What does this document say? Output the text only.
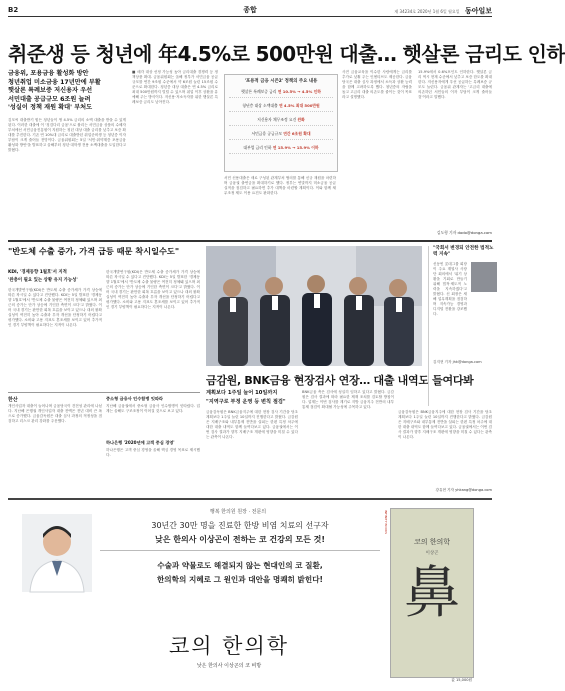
B2	종합	제 34234호 2020년 1월 6일 월요일 동아일보
취준생 등 청년에 年4.5%로 500만원 대출… 햇살론 금리도 인하
금융위, 포용금융 활성화 방안
청년취업 미소금융 17년만에 부활
햇살론 특례보증 저신용자 우선
서민대출 공급규모 6조원 늘려
'성실이 정책 재원 확대' 부처도
김모씨 대출받기 힘든 청년들이 생 4.5% 금리의 소액 대출을 받을 수 있게 된다. 이러한 대출에 이 '징검다리 금융'으로 불리는 서민금융 상품의 수혜자 부처에선 서민금융진흥원이 지원하는 청년 대상 대출 금리를 낮추고 보증 확대를 추진한다. 기존 연 10%대 금리로 대출받던 취업준비생 등 청년층 이자 부담이 크게 줄어들 전망이다. 금융위원회는 5일 '서민·취약계층 포용금융 활성화 방안'을 발표하고 올해부터 청년·대학생 전용 소액대출을 도입한다고 밝혔다.
■ 매각 대상 선정 가능성 높아 금리대출 경쟁력 등 정책상품 확대. 금융위원회는 올해 정부가 서민금융 공급 규모를 연간 9조원 수준에서 약 6조원 늘린 15조원 수준으로 확대한다. 청년층 대상 대출은 연 4.5% 금리로 최대 500만원까지 빌릴 수 있으며 취업 이후 상환을 유예해 주는 방식이다. 저신용·저소득자를 위한 햇살론 특례보증 금리도 낮아진다.
'포용적 금융 시즌2' 정책의 주요 내용
햇살론 특례보증 금리 연 10.5% → 4.5% 인하
청년층 대상 소액대출 연 4.5% 최대 500만원
저신용자 채무조정 요건 완화
서민금융 공급규모 연간 6조원 확대
대부업 금리 인하 연 15.9% → 15.9% 이하
서민 신용대출은 새로 구성된 관계부처 협의를 통해 신규 재원을 마련하며 금융권 출연금을 확대하기로 했다. 정부는 연말까지 미소금융 공급 실적을 점검하고 필요하면 추가 대책을 마련할 계획이다. 이와 함께 채무조정 제도 이용 요건도 완화한다.
사전 금융교육을 이수한 사람에게는 금리를 추가로 낮춰 주는 인센티브도 제공한다. 금융당국은 대출 심사 과정에서 소득과 상환 능력을 함께 고려하도록 했다. 청년층의 자립을 돕고 고금리 대출 의존도를 줄이는 것이 목표라고 설명했다.
15.9%에서 0.6%포인트 인하한다. 햇살론 금리 역시 현재 수준에서 낮추고 보증 한도를 확대한다. 저신용자에게 우선 공급하는 특례보증 규모도 늘린다. 금융위 관계자는 '고금리 대출에 의존하던 서민들의 이자 부담이 크게 줄어들 것'이라고 말했다.
김도형 기자 dodo@donga.com
"반도체 수출 증가, 가격 급등 때문 착시일수도"
KDI, '경제동향 1월호'서 지적
'완충이 필요 있는 상황 유지 가능성'
한국개발연구원(KDI)은 반도체 수출 증가세가 가격 상승에 따른 착시일 수 있다고 진단했다. KDI는 5일 발표한 '경제동향 1월호'에서 '반도체 수출 물량은 여전히 정체돼 있으며 최근의 증가는 단가 상승에 기인한 측면이 크다'고 밝혔다. 이어 국내 경기는 완만한 회복 흐름을 보이고 있으나 대외 불확실성이 여전히 높아 수출과 투자 개선을 단정하기 어렵다고 평가했다. 소비와 고용 지표도 혼조세를 보이고 있어 추가적인 경기 부양책이 필요하다는 지적이 나온다.
한국개발연구원(KDI)은 반도체 수출 증가세가 가격 상승에 따른 착시일 수 있다고 진단했다. KDI는 5일 발표한 '경제동향 1월호'에서 '반도체 수출 물량은 여전히 정체돼 있으며 최근의 증가는 단가 상승에 기인한 측면이 크다'고 밝혔다. 이어 국내 경기는 완만한 회복 흐름을 보이고 있으나 대외 불확실성이 여전히 높아 수출과 투자 개선을 단정하기 어렵다고 평가했다. 소비와 고용 지표도 혼조세를 보이고 있어 추가적인 경기 부양책이 필요하다는 지적이 나온다.
금감원, BNK금융 현장검사 연장… 대출 내역도 들여다봐
"국회서 변경되 안전한 법적노력 지속"
신동빈 롯데그룹 회장이 주요 계열사 사장단 회의에서 '위기 상황을 기회로 만들기 위해 법적·제도적 노력을 지속하겠다'고 밝혔다. 신 회장은 새해 업무계획을 점검하며 지속가능 경영과 디지털 전환을 강조했다.
김지현 기자 jhk@donga.com
한산
개인사업자 대출이 늘어나며 금융당국이 건전성 관리에 나섰다. 지난해 은행권 개인사업자 대출 잔액은 전년 대비 큰 폭으로 증가했다. 금융감독원은 대출 심사 과정의 적정성을 점검하고 리스크 관리 강화를 주문했다.
중소형 금융사 인수합병 잇따라
지난해 금융권에서 중소형 금융사 인수합병이 잇따랐다. 업계는 올해도 구조조정이 이어질 것으로 보고 있다.
하나은행 '2020년에 고객 중심 경영'
하나은행은 고객 중심 경영을 올해 핵심 경영 목표로 제시했다.
계획보다 1주일 늘어 10일까지
"지역구로 부정 운영 등 변칙 점검"
금융감독원은 BNK금융지주에 대한 현장 검사 기간을 당초 계획보다 1주일 늘린 10일까지 진행한다고 밝혔다. 금감원은 지배구조와 내부통제 전반을 살피는 한편 특정 차주에 대한 대출 내역도 함께 들여다보고 있다. 금융권에서는 이번 검사 결과가 향후 지배구조 개편에 영향을 미칠 수 있다는 관측이 나온다.
BNK금융 측은 검사에 성실히 임하고 있다고 밝혔다. 금감원은 검사 결과에 따라 필요한 제재 조치를 검토할 방침이다. 업계는 이번 검사를 계기로 지방 금융지주 전반의 내부통제 점검이 확대될 가능성에 주목하고 있다.
금융감독원은 BNK금융지주에 대한 현장 검사 기간을 당초 계획보다 1주일 늘린 10일까지 진행한다고 밝혔다. 금감원은 지배구조와 내부통제 전반을 살피는 한편 특정 차주에 대한 대출 내역도 함께 들여다보고 있다. 금융권에서는 이번 검사 결과가 향후 지배구조 개편에 영향을 미칠 수 있다는 관측이 나온다.
강유현 기자 yhkang@donga.com
행복 한의원 원장 · 전문의
30년간 30만 명을 진료한 한방 비염 치료의 선구자
낮은 한의사 이상곤이 전하는 코 건강의 모든 것!
수술과 약물로도 해결되지 않는 현대인의 코 질환,
한의학의 지혜로 그 원인과 대안을 명쾌히 밝힌다!
코의 한의학
낮은 한의사 이상곤의 코 비방
코의 한의학
이상곤
鼻
INFINITY BOOKS
값 15,000원
